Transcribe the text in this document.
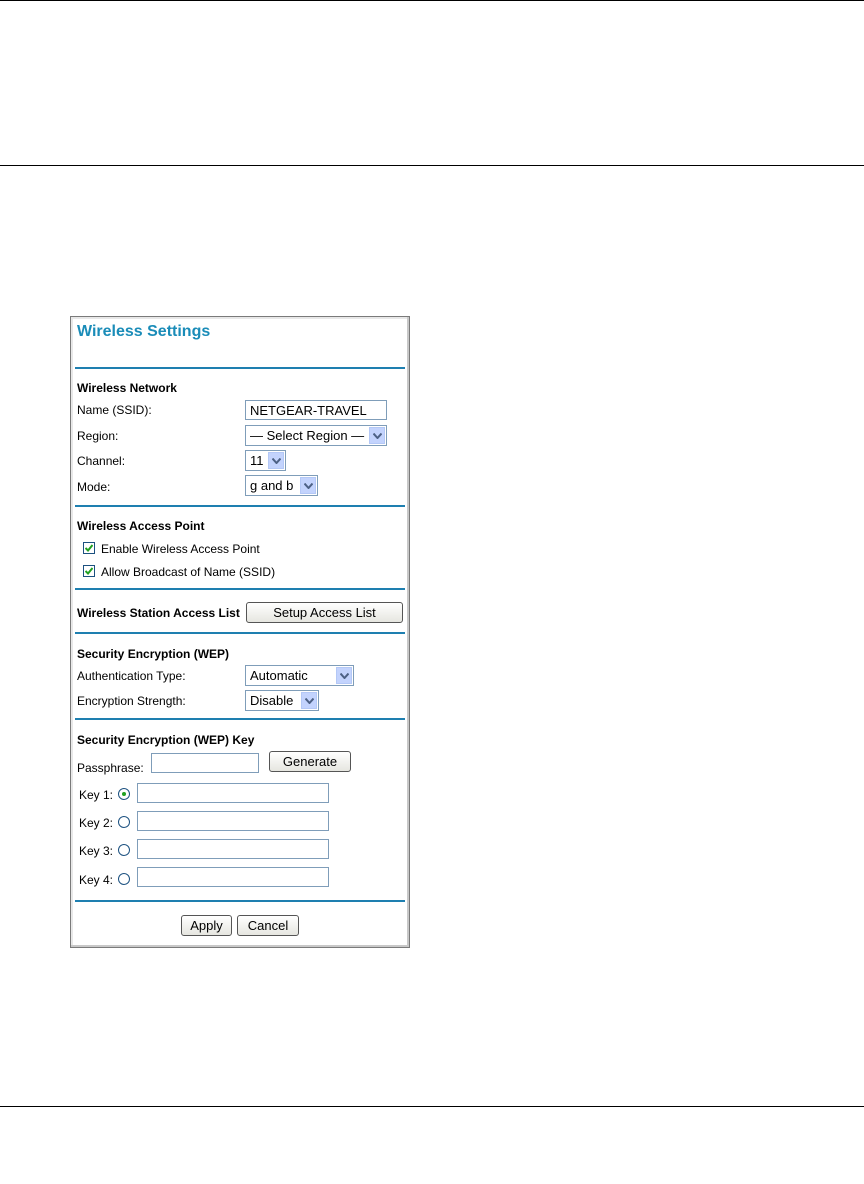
Wireless Settings
Wireless Network
Name (SSID):	NETGEAR-TRAVEL
Region:	— Select Region —
Channel:	11
Mode:	g and b
Wireless Access Point
Enable Wireless Access Point
Allow Broadcast of Name (SSID)
Wireless Station Access List	Setup Access List
Security Encryption (WEP)
Authentication Type:	Automatic
Encryption Strength:	Disable
Security Encryption (WEP) Key
Passphrase:	Generate
Key 1:
Key 2:
Key 3:
Key 4:
Apply	Cancel
